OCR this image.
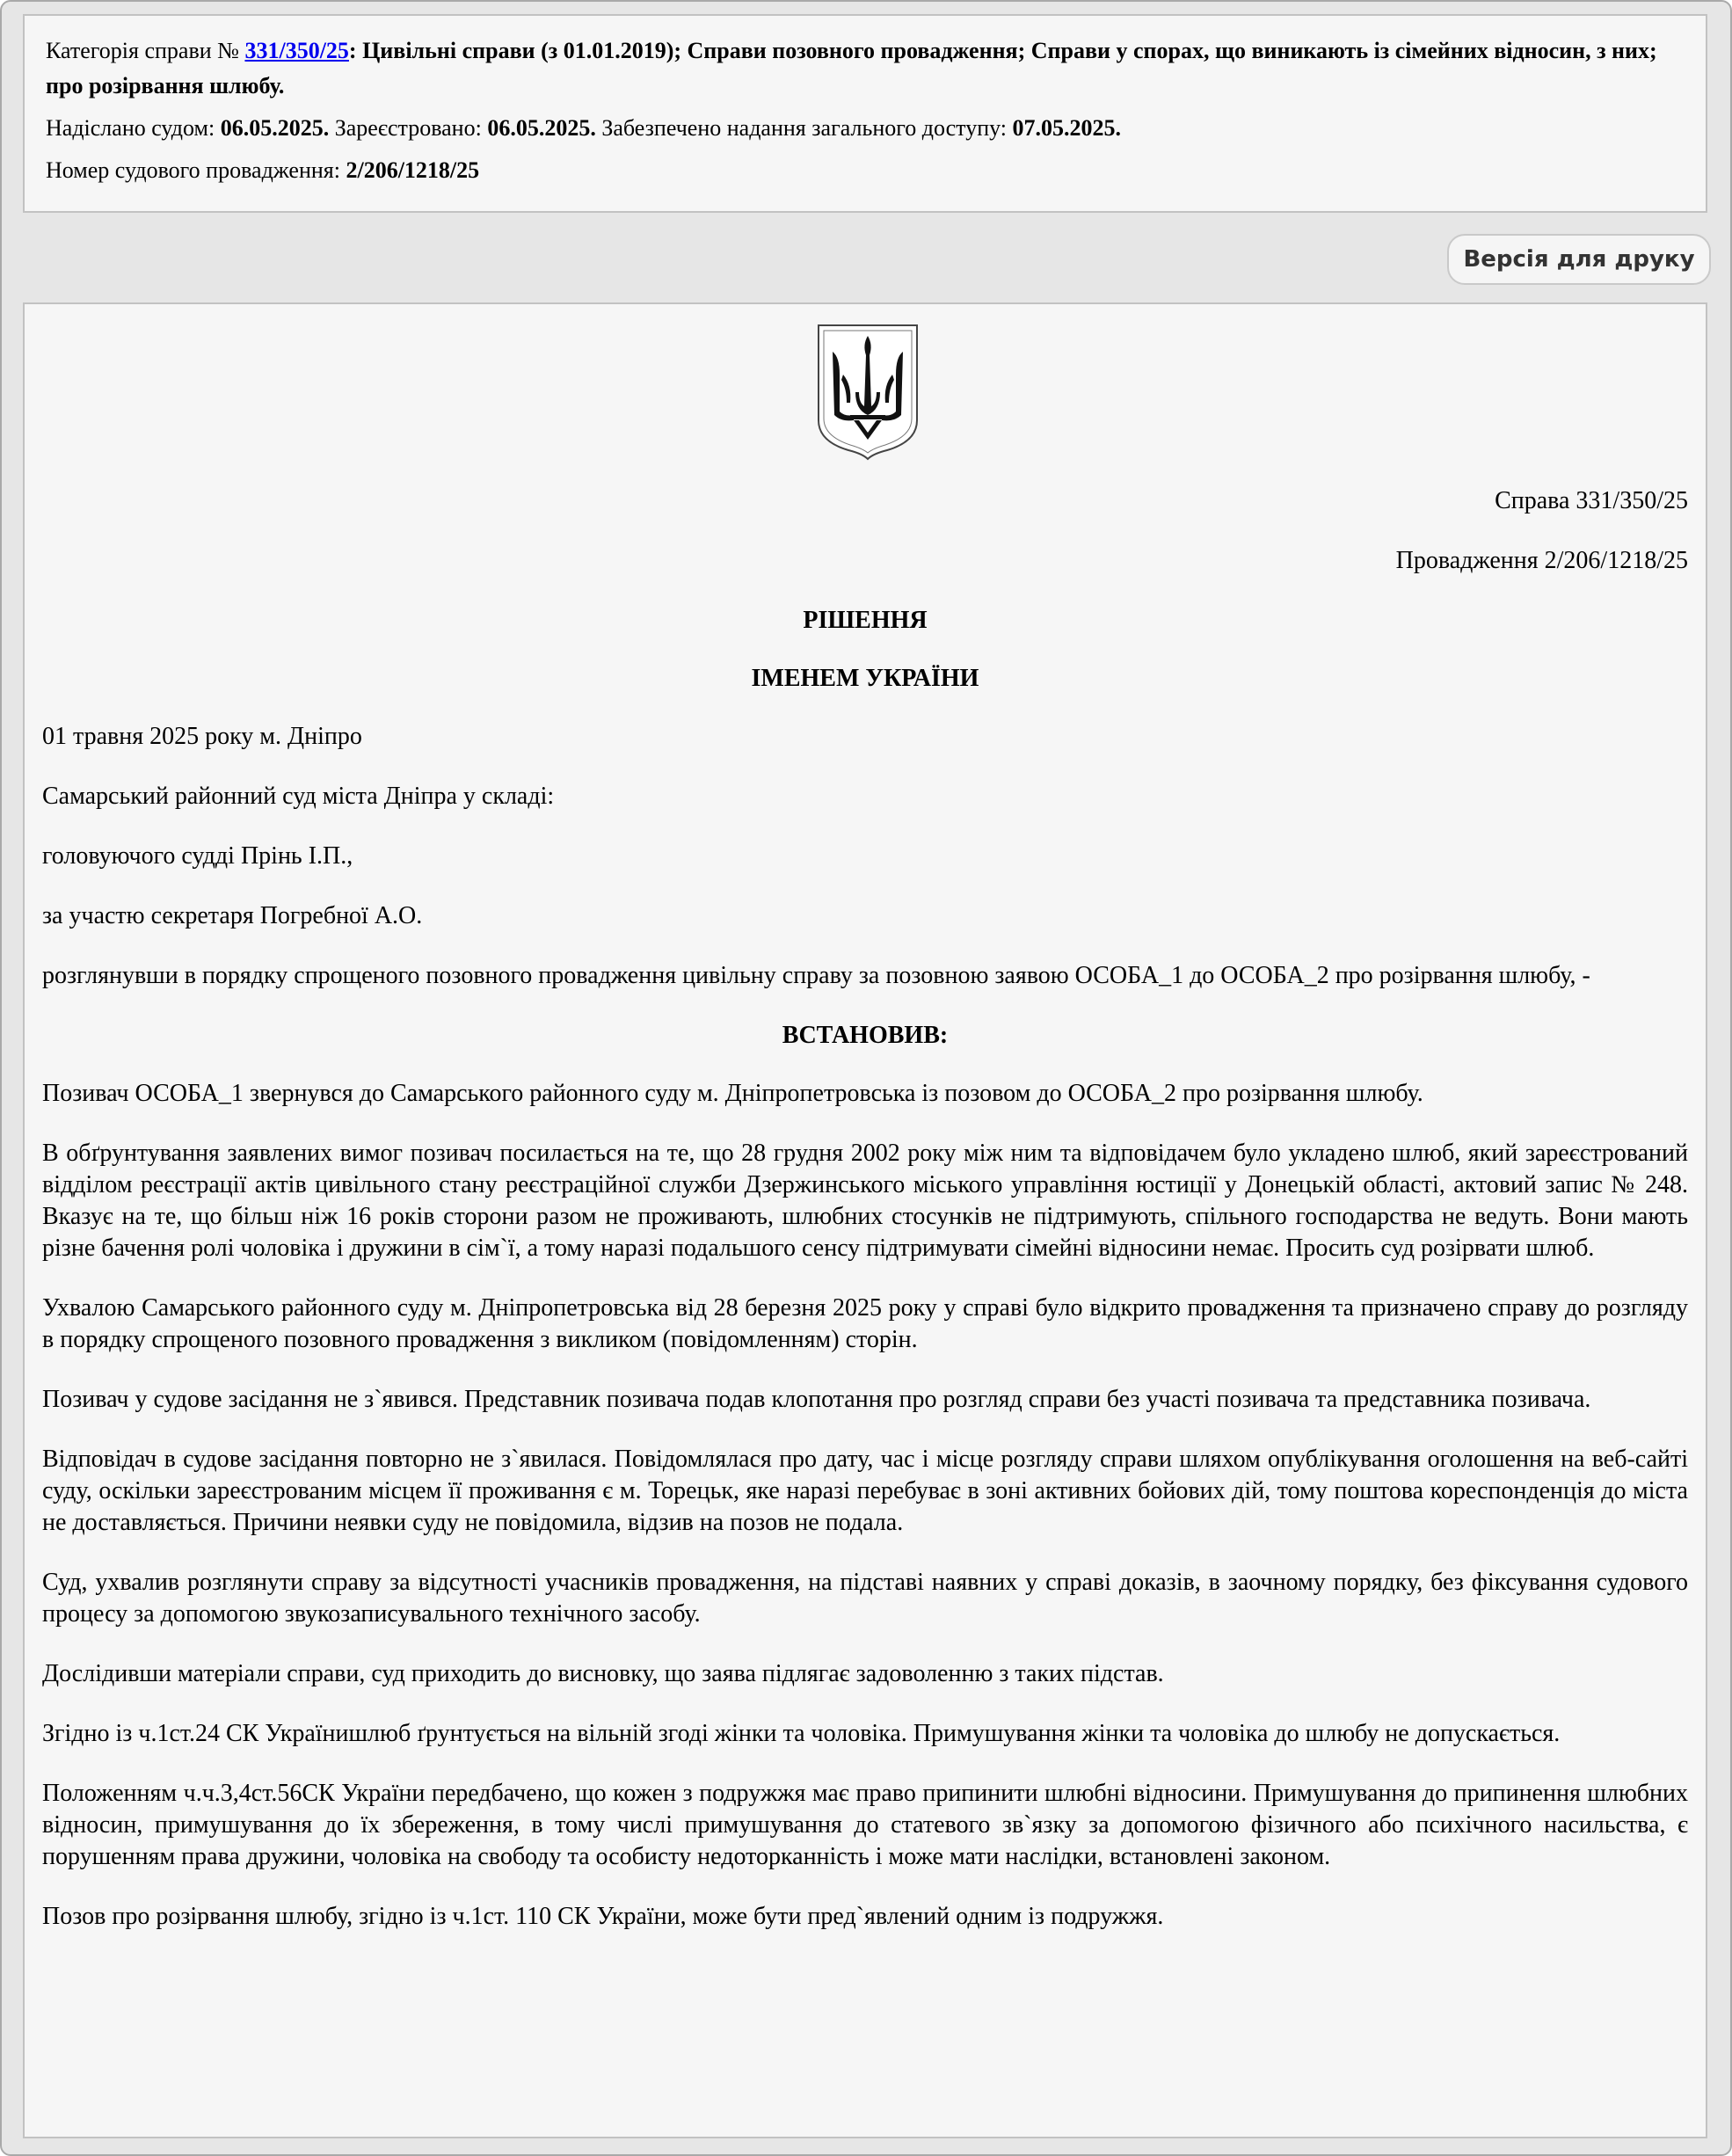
Категорія справи № 331/350/25: Цивільні справи (з 01.01.2019); Справи позовного провадження; Справи у спорах, що виникають із сімейних відносин, з них; про розірвання шлюбу.

Надіслано судом: 06.05.2025. Зареєстровано: 06.05.2025. Забезпечено надання загального доступу: 07.05.2025.

Номер судового провадження: 2/206/1218/25

Версія для друку

Справа 331/350/25

Провадження 2/206/1218/25

РІШЕННЯ

ІМЕНЕМ УКРАЇНИ

01 травня 2025 року м. Дніпро

Самарський районний суд міста Дніпра у складі:

головуючого судді Прінь І.П.,

за участю секретаря Погребної А.О.

розглянувши в порядку спрощеного позовного провадження цивільну справу за позовною заявою ОСОБА_1 до ОСОБА_2 про розірвання шлюбу, -

ВСТАНОВИВ:

Позивач ОСОБА_1 звернувся до Самарського районного суду м. Дніпропетровська із позовом до ОСОБА_2 про розірвання шлюбу.

В обґрунтування заявлених вимог позивач посилається на те, що 28 грудня 2002 року між ним та відповідачем було укладено шлюб, який зареєстрований відділом реєстрації актів цивільного стану реєстраційної служби Дзержинського міського управління юстиції у Донецькій області, актовий запис № 248. Вказує на те, що більш ніж 16 років сторони разом не проживають, шлюбних стосунків не підтримують, спільного господарства не ведуть. Вони мають різне бачення ролі чоловіка і дружини в сім`ї, а тому наразі подальшого сенсу підтримувати сімейні відносини немає. Просить суд розірвати шлюб.

Ухвалою Самарського районного суду м. Дніпропетровська від 28 березня 2025 року у справі було відкрито провадження та призначено справу до розгляду в порядку спрощеного позовного провадження з викликом (повідомленням) сторін.

Позивач у судове засідання не з`явився. Представник позивача подав клопотання про розгляд справи без участі позивача та представника позивача.

Відповідач в судове засідання повторно не з`явилася. Повідомлялася про дату, час і місце розгляду справи шляхом опублікування оголошення на веб-сайті суду, оскільки зареєстрованим місцем її проживання є м. Торецьк, яке наразі перебуває в зоні активних бойових дій, тому поштова кореспонденція до міста не доставляється. Причини неявки суду не повідомила, відзив на позов не подала.

Суд, ухвалив розглянути справу за відсутності учасників провадження, на підставі наявних у справі доказів, в заочному порядку, без фіксування судового процесу за допомогою звукозаписувального технічного засобу.

Дослідивши матеріали справи, суд приходить до висновку, що заява підлягає задоволенню з таких підстав.

Згідно із ч.1ст.24 СК Українишлюб ґрунтується на вільній згоді жінки та чоловіка. Примушування жінки та чоловіка до шлюбу не допускається.

Положенням ч.ч.3,4ст.56СК України передбачено, що кожен з подружжя має право припинити шлюбні відносини. Примушування до припинення шлюбних відносин, примушування до їх збереження, в тому числі примушування до статевого зв`язку за допомогою фізичного або психічного насильства, є порушенням права дружини, чоловіка на свободу та особисту недоторканність і може мати наслідки, встановлені законом.

Позов про розірвання шлюбу, згідно із ч.1ст. 110 СК України, може бути пред`явлений одним із подружжя.
